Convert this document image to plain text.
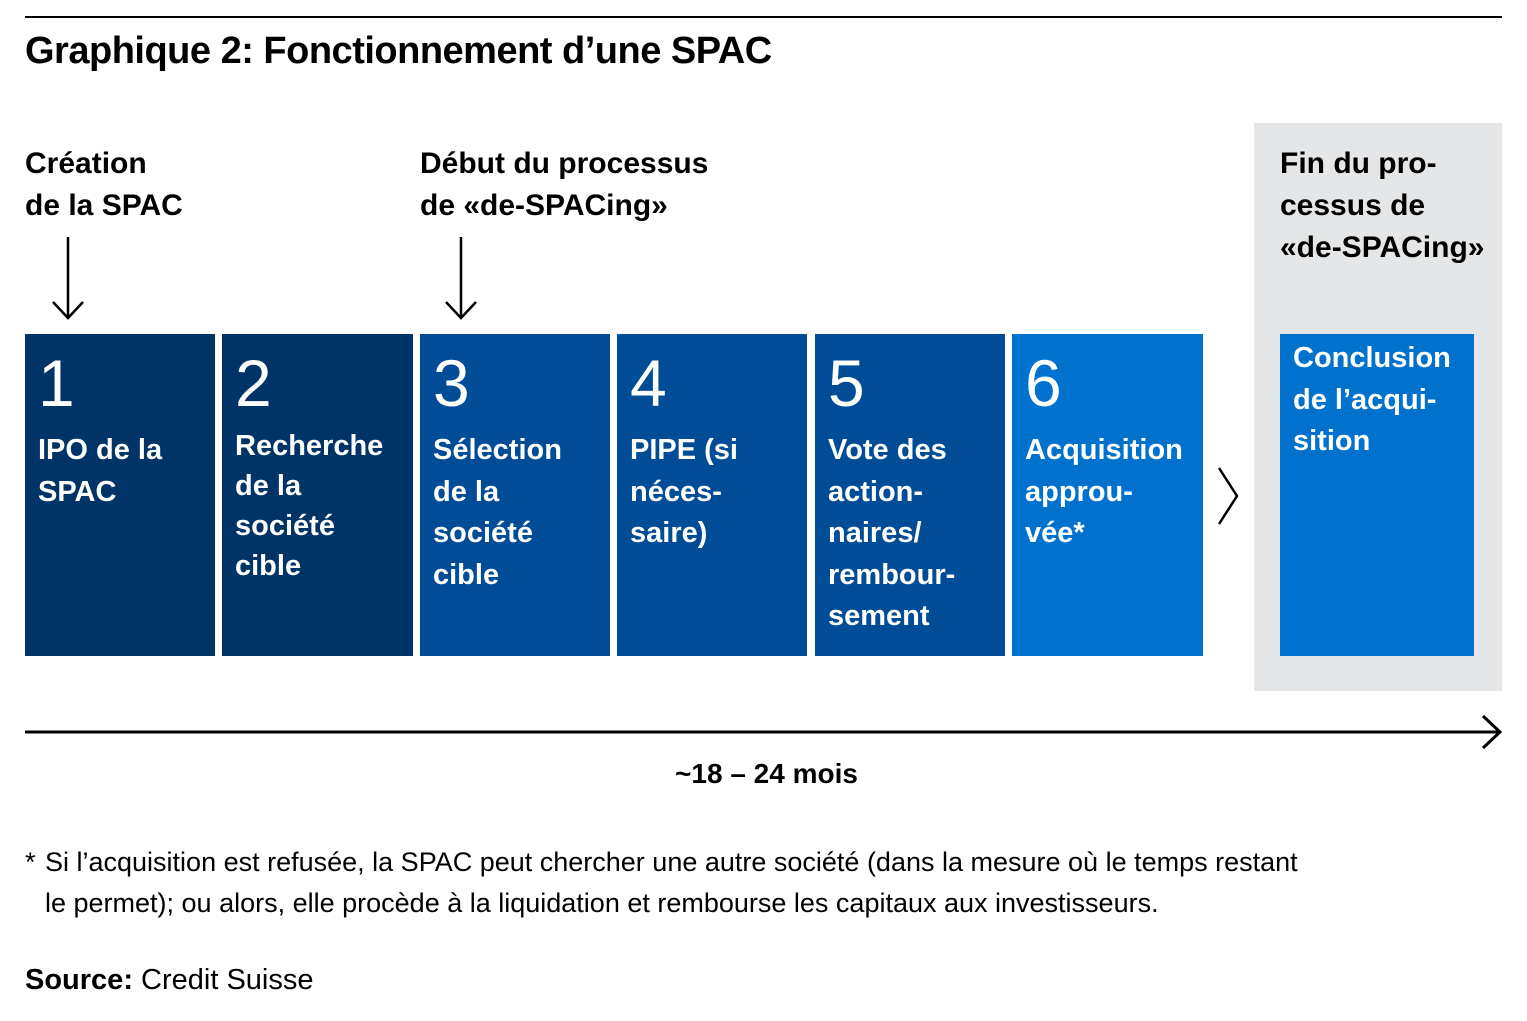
Graphique 2: Fonctionnement d’une SPAC
Création
de la SPAC
Début du processus
de «de-SPACing»
Fin du pro-
cessus de
«de-SPACing»
1
IPO de la
SPAC
2
Recherche
de la
société
cible
3
Sélection
de la
société
cible
4
PIPE (si
néces-
saire)
5
Vote des
action-
naires/
rembour-
sement
6
Acquisition
approu-
vée*
Conclusion
de l’acqui-
sition
~18 – 24 mois
* Si l’acquisition est refusée, la SPAC peut chercher une autre société (dans la mesure où le temps restant
le permet); ou alors, elle procède à la liquidation et rembourse les capitaux aux investisseurs.
Source: Credit Suisse
